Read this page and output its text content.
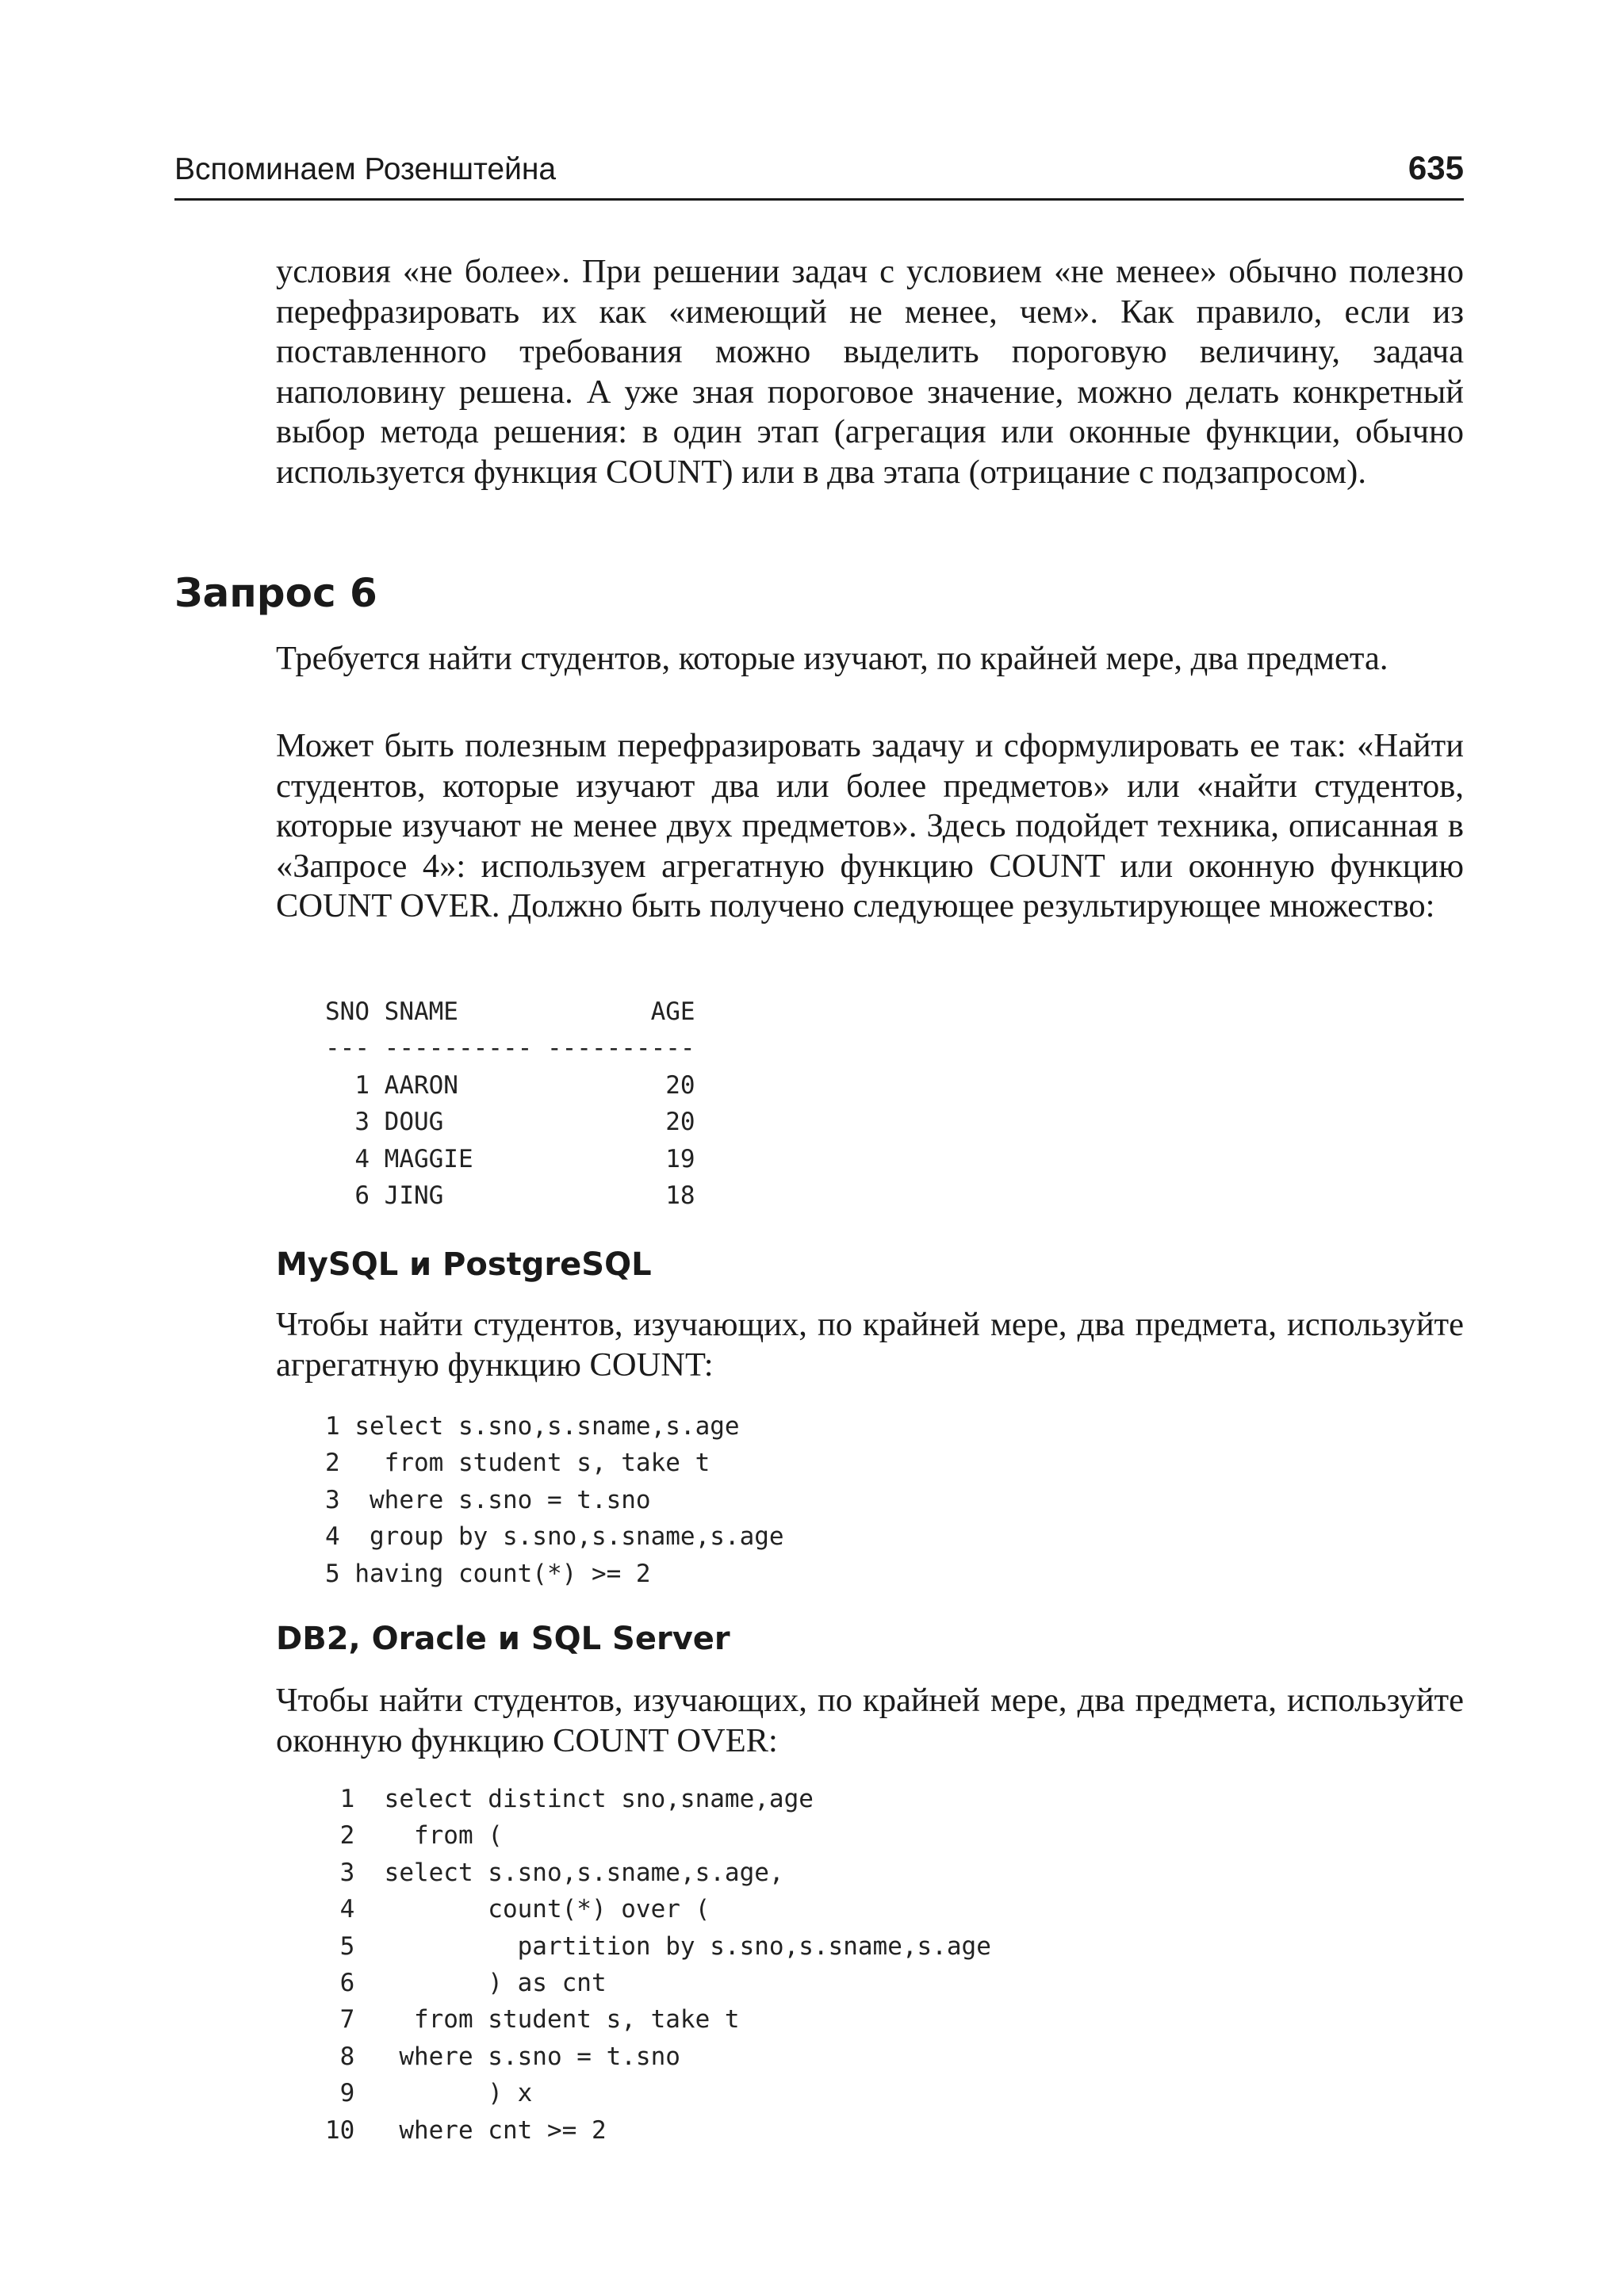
Вспоминаем Розенштейна	635

условия «не более». При решении задач с условием «не менее» обычно полезно перефразировать их как «имеющий не менее, чем». Как правило, если из поставленного требования можно выделить пороговую величину, задача наполовину решена. А уже зная пороговое значение, можно делать конкретный выбор метода решения: в один этап (агрегация или оконные функции, обычно используется функция COUNT) или в два этапа (отрицание с подзапросом).

Запрос 6

Требуется найти студентов, которые изучают, по крайней мере, два предмета.

Может быть полезным перефразировать задачу и сформулировать ее так: «Найти студентов, которые изучают два или более предметов» или «найти студентов, которые изучают не менее двух предметов». Здесь подойдет техника, описанная в «Запросе 4»: используем агрегатную функцию COUNT или оконную функцию COUNT OVER. Должно быть получено следующее результирующее множество:

SNO SNAME             AGE
--- ---------- ----------
1 AARON              20
3 DOUG               20
4 MAGGIE             19
6 JING               18
MySQL и PostgreSQL

Чтобы найти студентов, изучающих, по крайней мере, два предмета, используйте агрегатную функцию COUNT:

1 select s.sno,s.sname,s.age
2   from student s, take t
3  where s.sno = t.sno
4  group by s.sno,s.sname,s.age
5 having count(*) >= 2
DB2, Oracle и SQL Server

Чтобы найти студентов, изучающих, по крайней мере, два предмета, используйте оконную функцию COUNT OVER:

1  select distinct sno,sname,age
2    from (
3  select s.sno,s.sname,s.age,
4         count(*) over (
5           partition by s.sno,s.sname,s.age
6         ) as cnt
7    from student s, take t
8   where s.sno = t.sno
9         ) x
10   where cnt >= 2
